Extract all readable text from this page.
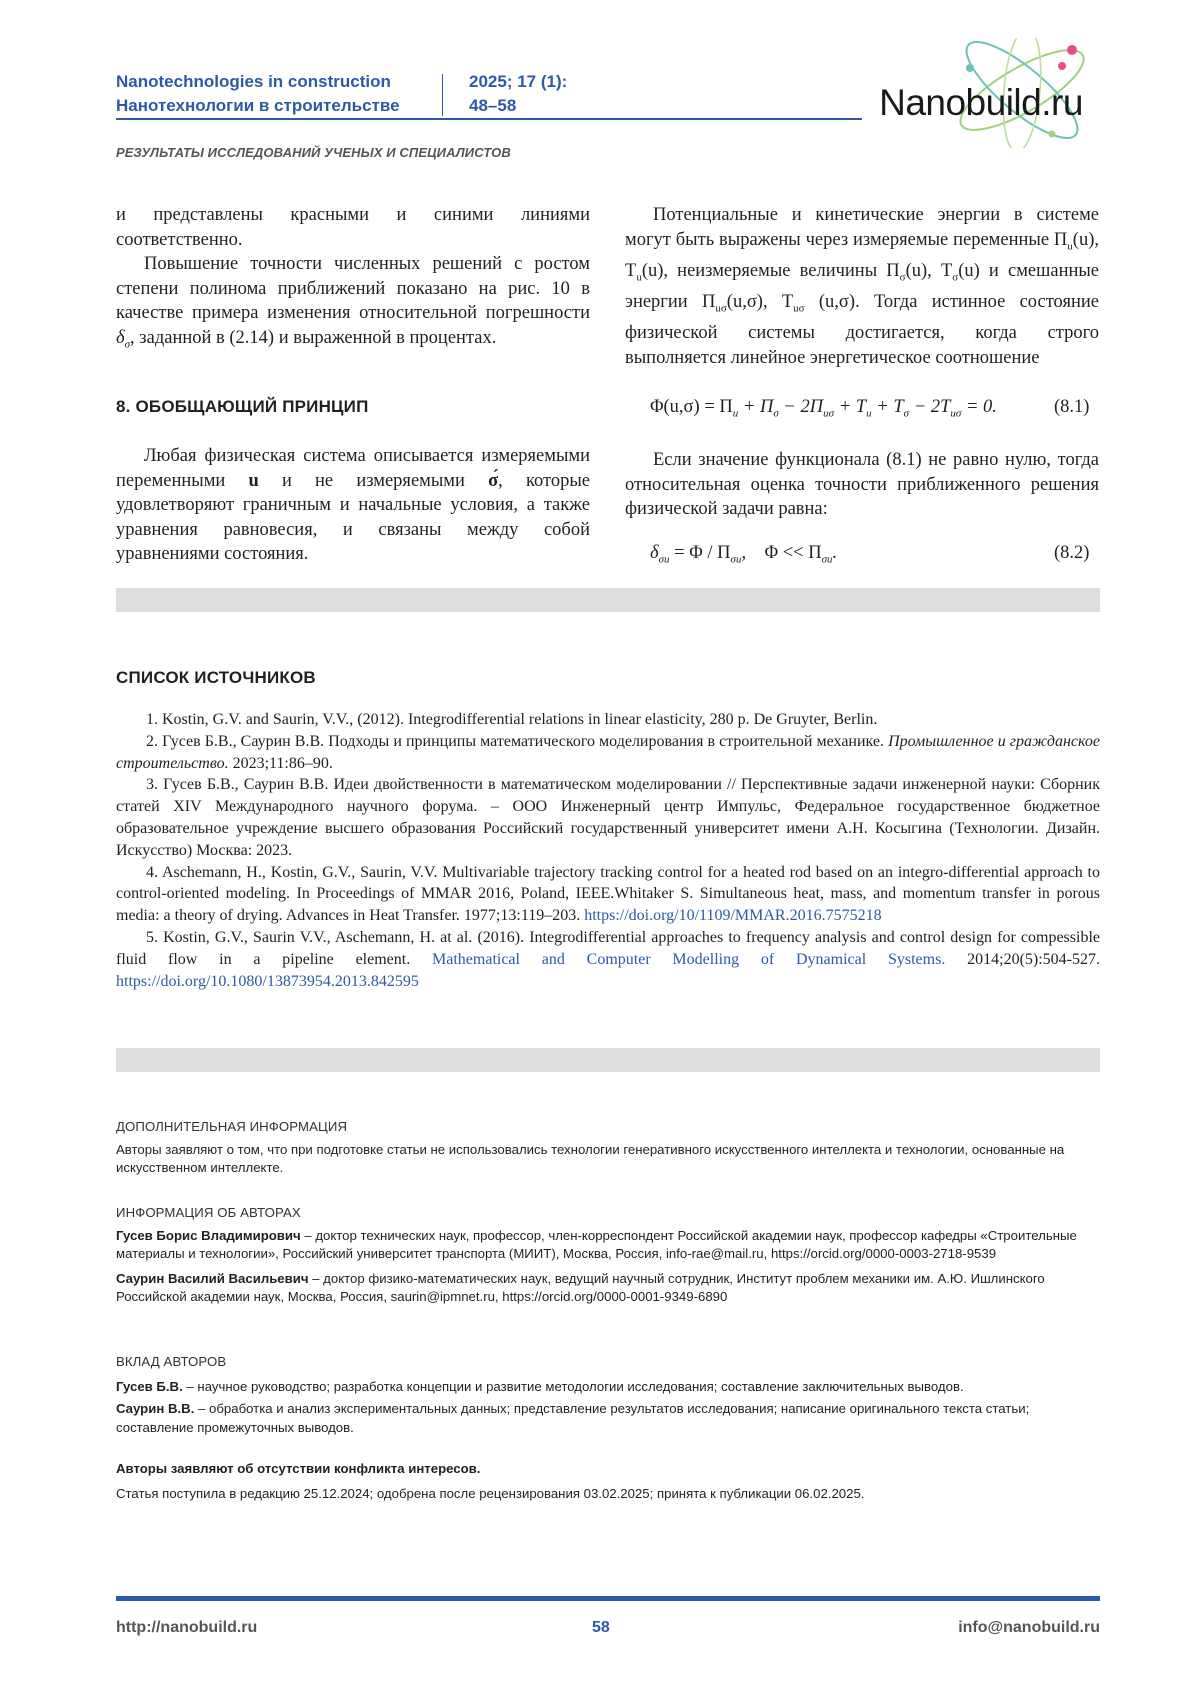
Nanotechnologies in construction
Нанотехнологии в строительстве
2025; 17 (1):
48–58	Nanobuild.ru
РЕЗУЛЬТАТЫ ИССЛЕДОВАНИЙ УЧЕНЫХ И СПЕЦИАЛИСТОВ

и представлены красными и синими линиями соответственно.

Повышение точности численных решений с ростом степени полинома приближений показано на рис. 10 в качестве примера изменения относительной погрешности $\delta_\sigma$, заданной в (2.14) и выраженной в процентах.

8. ОБОБЩАЮЩИЙ ПРИНЦИП

Любая физическая система описывается измеряемыми переменными u и не измеряемыми σ́, которые удовлетворяют граничным и начальные условия, а также уравнения равновесия, и связаны между собой уравнениями состояния.

Потенциальные и кинетические энергии в системе могут быть выражены через измеряемые переменные $\Pi_u(u)$, $T_u(u)$, неизмеряемые величины $\Pi_\sigma(u)$, $T_\sigma(u)$ и смешанные энергии $\Pi_{u\sigma}(u,\sigma)$, $T_{u\sigma}$ (u,σ). Тогда истинное состояние физической системы достигается, когда строго выполняется линейное энергетическое соотношение

$\Phi(u,\sigma) = \Pi_u + \Pi_\sigma - 2\Pi_{u\sigma} + T_u + T_\sigma - 2T_{u\sigma} = 0$.	(8.1)

Если значение функционала (8.1) не равно нулю, тогда относительная оценка точности приближенного решения физической задачи равна:

$\delta_{\sigma u} = \Phi / \Pi_{\sigma u}$,    $\Phi << \Pi_{\sigma u}$.	(8.2)
СПИСОК ИСТОЧНИКОВ

1. Kostin, G.V. and Saurin, V.V., (2012). Integrodifferential relations in linear elasticity, 280 p. De Gruyter, Berlin.

2. Гусев Б.В., Саурин В.В. Подходы и принципы математического моделирования в строительной механике. Промышленное и гражданское строительство. 2023;11:86–90.

3. Гусев Б.В., Саурин В.В. Идеи двойственности в математическом моделировании // Перспективные задачи инженерной науки: Сборник статей XIV Международного научного форума. – ООО Инженерный центр Импульс, Федеральное государственное бюджетное образовательное учреждение высшего образования Российский государственный университет имени А.Н. Косыгина (Технологии. Дизайн. Искусство) Москва: 2023.

4. Aschemann, H., Kostin, G.V., Saurin, V.V. Multivariable trajectory tracking control for a heated rod based on an integro-differential approach to control-oriented modeling. In Proceedings of MMAR 2016, Poland, IEEE.Whitaker S. Simultaneous heat, mass, and momentum transfer in porous media: a theory of drying. Advances in Heat Transfer. 1977;13:119–203. https://doi.org/10/1109/MMAR.2016.7575218

5. Kostin, G.V., Saurin V.V., Aschemann, H. at al. (2016). Integrodifferential approaches to frequency analysis and control design for compessible fluid flow in a pipeline element. Mathematical and Computer Modelling of Dynamical Systems. 2014;20(5):504-527. https://doi.org/10.1080/13873954.2013.842595

ДОПОЛНИТЕЛЬНАЯ ИНФОРМАЦИЯ
Авторы заявляют о том, что при подготовке статьи не использовались технологии генеративного искусственного интеллекта и технологии, основанные на искусственном интеллекте.
ИНФОРМАЦИЯ ОБ АВТОРАХ
Гусев Борис Владимирович – доктор технических наук, профессор, член-корреспондент Российской академии наук, профессор кафедры «Строительные материалы и технологии», Российский университет транспорта (МИИТ), Москва, Россия, info-rae@mail.ru, https://orcid.org/0000-0003-2718-9539
Саурин Василий Васильевич – доктор физико-математических наук, ведущий научный сотрудник, Институт проблем механики им. А.Ю. Ишлинского Российской академии наук, Москва, Россия, saurin@ipmnet.ru, https://orcid.org/0000-0001-9349-6890
ВКЛАД АВТОРОВ
Гусев Б.В. – научное руководство; разработка концепции и развитие методологии исследования; составление заключительных выводов.
Саурин В.В. – обработка и анализ экспериментальных данных; представление результатов исследования; написание оригинального текста статьи; составление промежуточных выводов.
Авторы заявляют об отсутствии конфликта интересов.
Статья поступила в редакцию 25.12.2024; одобрена после рецензирования 03.02.2025; принята к публикации 06.02.2025.
http://nanobuild.ru	58	info@nanobuild.ru
